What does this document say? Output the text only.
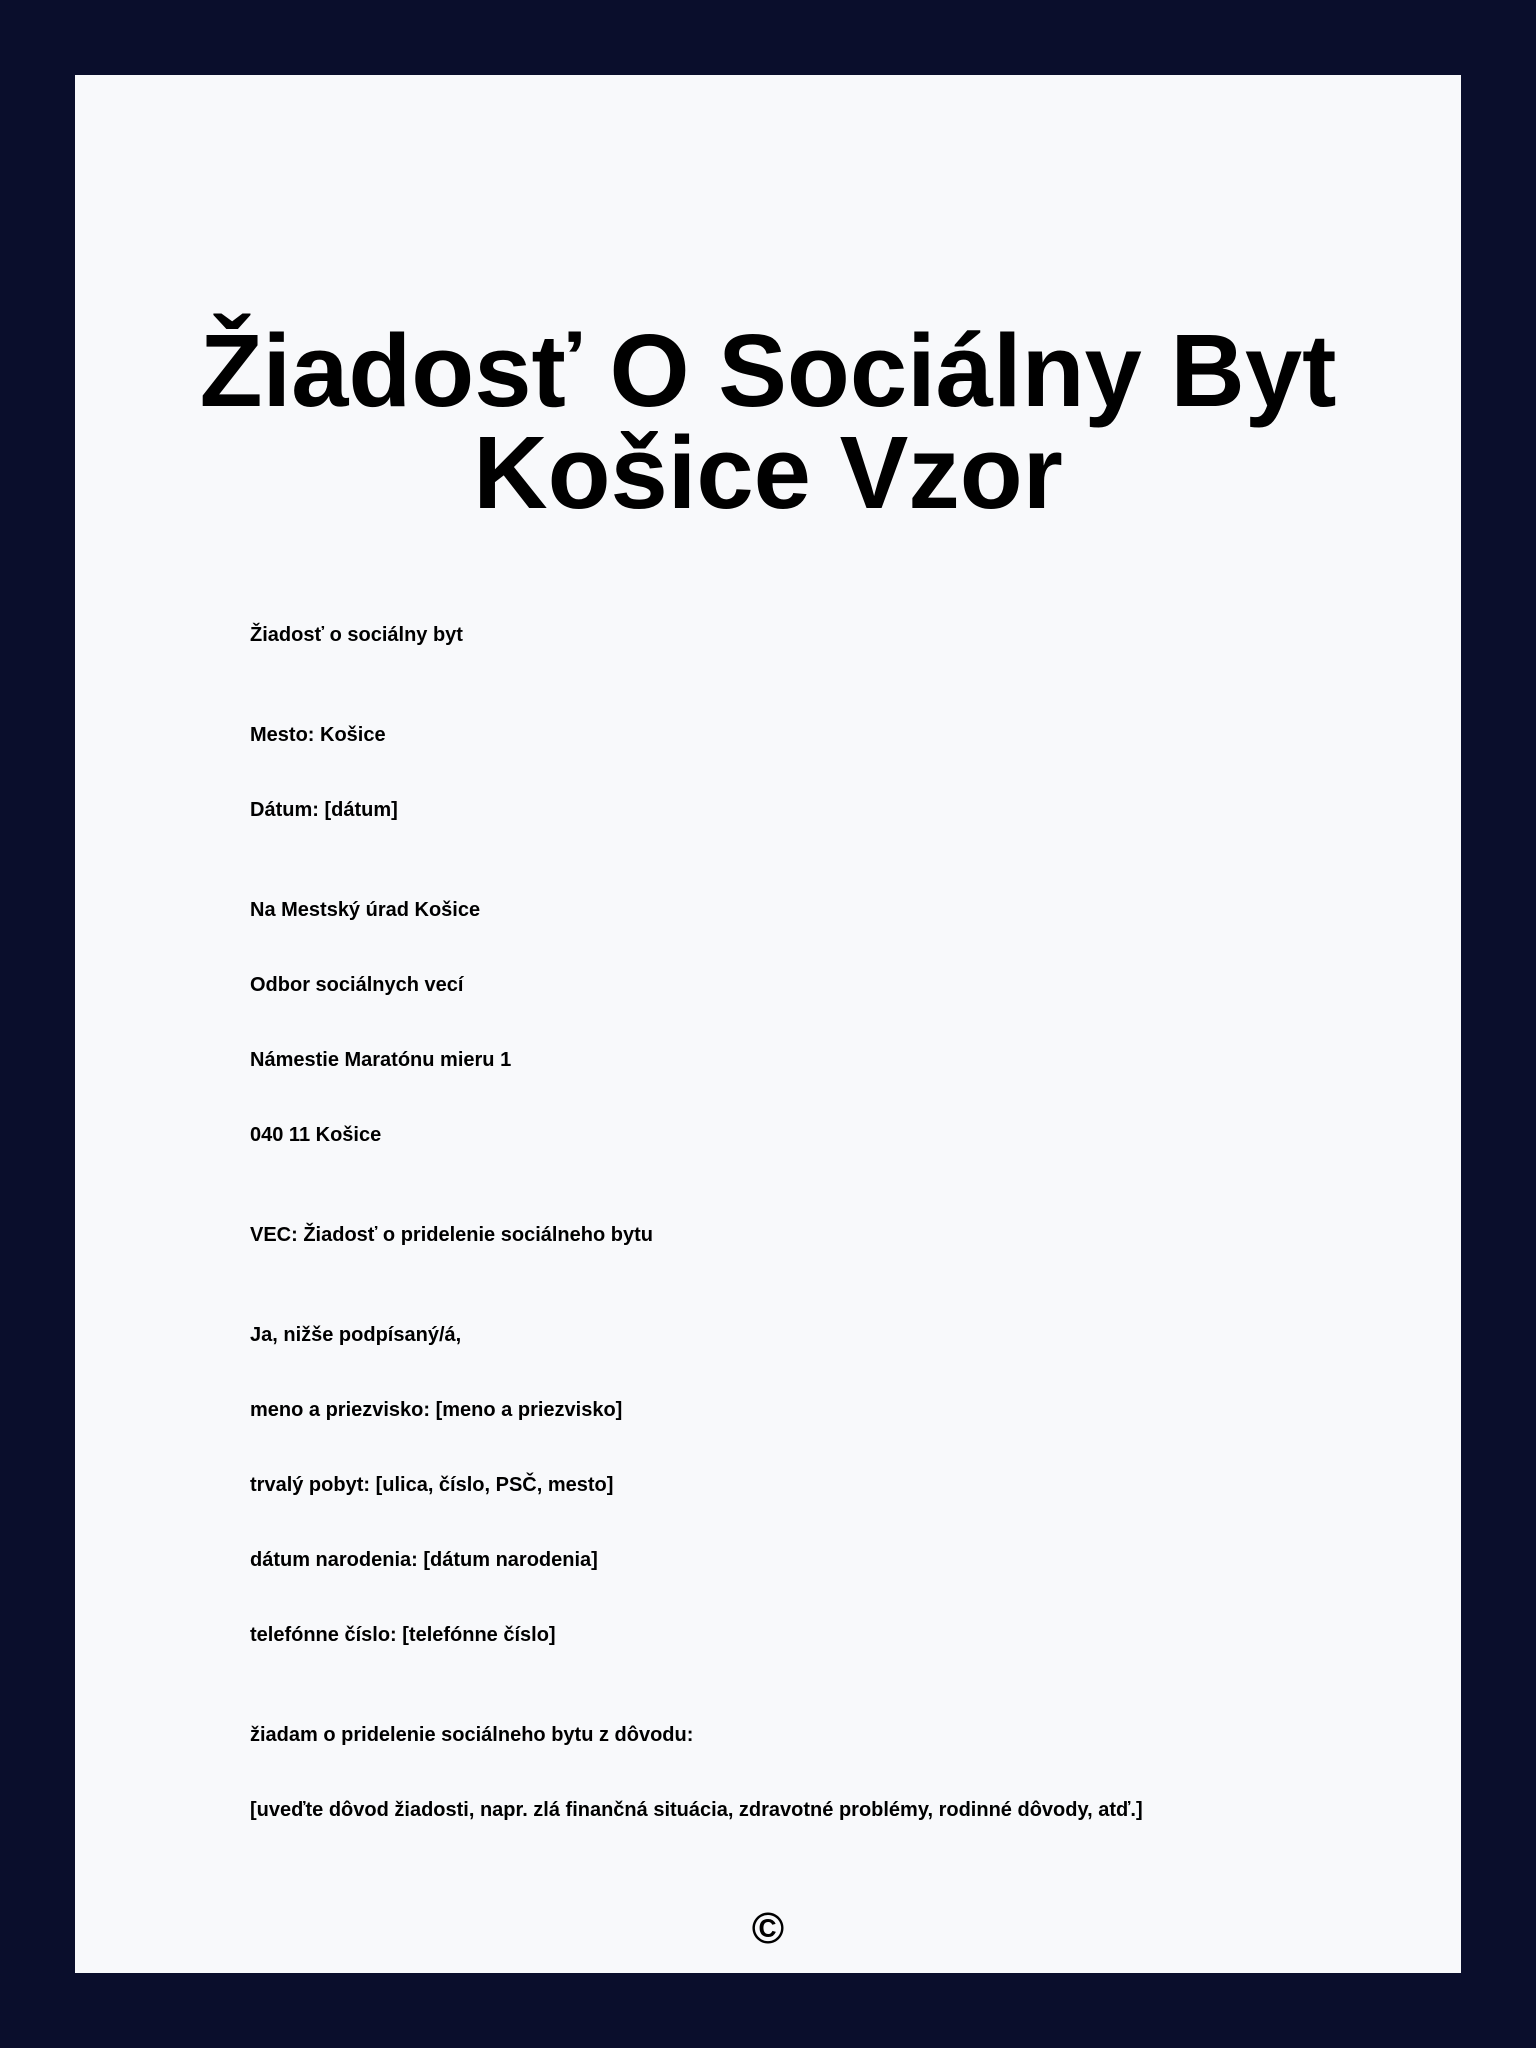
Žiadosť O Sociálny Byt Košice Vzor
Žiadosť o sociálny byt
Mesto: Košice
Dátum: [dátum]
Na Mestský úrad Košice
Odbor sociálnych vecí
Námestie Maratónu mieru 1
040 11 Košice
VEC: Žiadosť o pridelenie sociálneho bytu
Ja, nižše podpísaný/á,
meno a priezvisko: [meno a priezvisko]
trvalý pobyt: [ulica, číslo, PSČ, mesto]
dátum narodenia: [dátum narodenia]
telefónne číslo: [telefónne číslo]
žiadam o pridelenie sociálneho bytu z dôvodu:
[uveďte dôvod žiadosti, napr. zlá finančná situácia, zdravotné problémy, rodinné dôvody, atď.]
©
